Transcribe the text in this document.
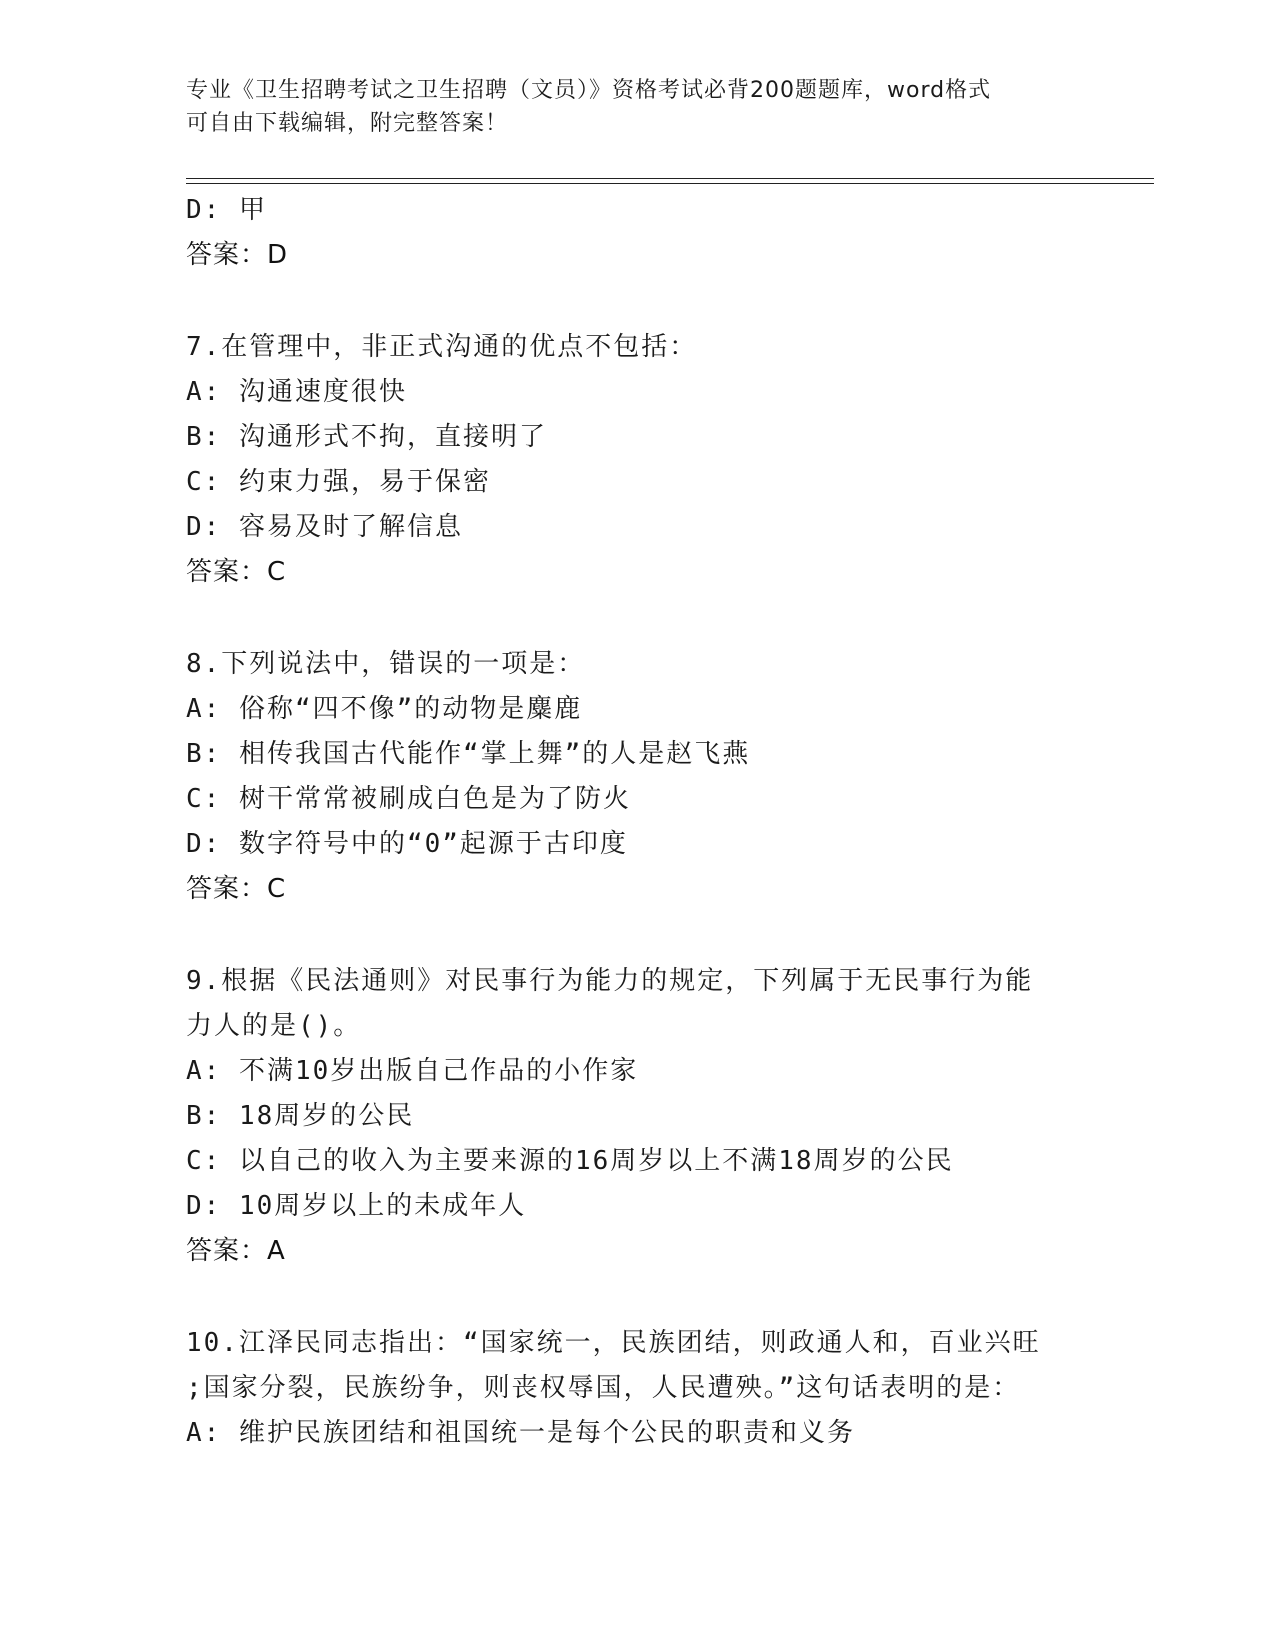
专业《卫生招聘考试之卫生招聘（文员）》资格考试必背200题题库，word格式
可自由下载编辑，附完整答案！
D: 甲
答案：D
7.在管理中，非正式沟通的优点不包括：
A: 沟通速度很快
B: 沟通形式不拘，直接明了
C: 约束力强，易于保密
D: 容易及时了解信息
答案：C
8.下列说法中，错误的一项是：
A: 俗称“四不像”的动物是麋鹿
B: 相传我国古代能作“掌上舞”的人是赵飞燕
C: 树干常常被刷成白色是为了防火
D: 数字符号中的“0”起源于古印度
答案：C
9.根据《民法通则》对民事行为能力的规定，下列属于无民事行为能
力人的是()。
A: 不满10岁出版自己作品的小作家
B: 18周岁的公民
C: 以自己的收入为主要来源的16周岁以上不满18周岁的公民
D: 10周岁以上的未成年人
答案：A
10.江泽民同志指出：“国家统一，民族团结，则政通人和，百业兴旺
;国家分裂，民族纷争，则丧权辱国，人民遭殃。”这句话表明的是：
A: 维护民族团结和祖国统一是每个公民的职责和义务
